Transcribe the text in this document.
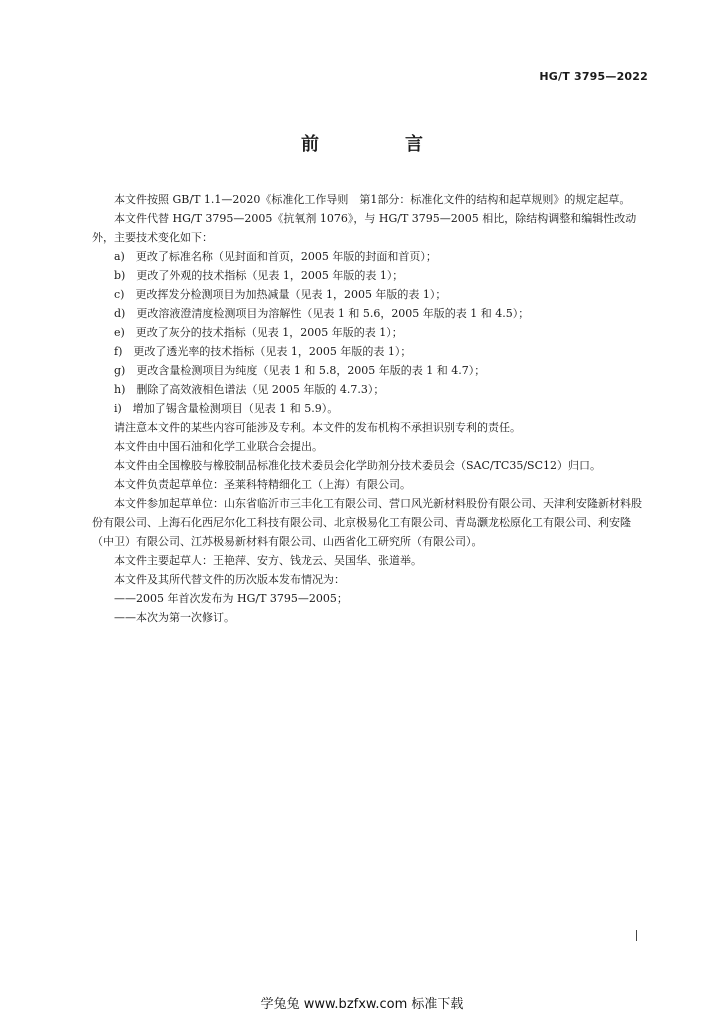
HG/T 3795—2022
前　言

本文件按照 GB/T 1.1—2020《标准化工作导则　第1部分：标准化文件的结构和起草规则》的规定起草。

本文件代替 HG/T 3795—2005《抗氧剂 1076》，与 HG/T 3795—2005 相比，除结构调整和编辑性改动外，主要技术变化如下：

a)　更改了标准名称（见封面和首页，2005 年版的封面和首页）；

b)　更改了外观的技术指标（见表 1，2005 年版的表 1）；

c)　更改挥发分检测项目为加热减量（见表 1，2005 年版的表 1）；

d)　更改溶液澄清度检测项目为溶解性（见表 1 和 5.6，2005 年版的表 1 和 4.5）；

e)　更改了灰分的技术指标（见表 1，2005 年版的表 1）；

f)　更改了透光率的技术指标（见表 1，2005 年版的表 1）；

g)　更改含量检测项目为纯度（见表 1 和 5.8，2005 年版的表 1 和 4.7）；

h)　删除了高效液相色谱法（见 2005 年版的 4.7.3）；

i)　增加了锡含量检测项目（见表 1 和 5.9）。

请注意本文件的某些内容可能涉及专利。本文件的发布机构不承担识别专利的责任。

本文件由中国石油和化学工业联合会提出。

本文件由全国橡胶与橡胶制品标准化技术委员会化学助剂分技术委员会（SAC/TC35/SC12）归口。

本文件负责起草单位：圣莱科特精细化工（上海）有限公司。

本文件参加起草单位：山东省临沂市三丰化工有限公司、营口风光新材料股份有限公司、天津利安隆新材料股份有限公司、上海石化西尼尔化工科技有限公司、北京极易化工有限公司、青岛灏龙松原化工有限公司、利安隆（中卫）有限公司、江苏极易新材料有限公司、山西省化工研究所（有限公司）。

本文件主要起草人：王艳萍、安方、钱龙云、吴国华、张道举。

本文件及其所代替文件的历次版本发布情况为：

——2005 年首次发布为 HG/T 3795—2005；

——本次为第一次修订。

学兔兔 www.bzfxw.com 标准下载
